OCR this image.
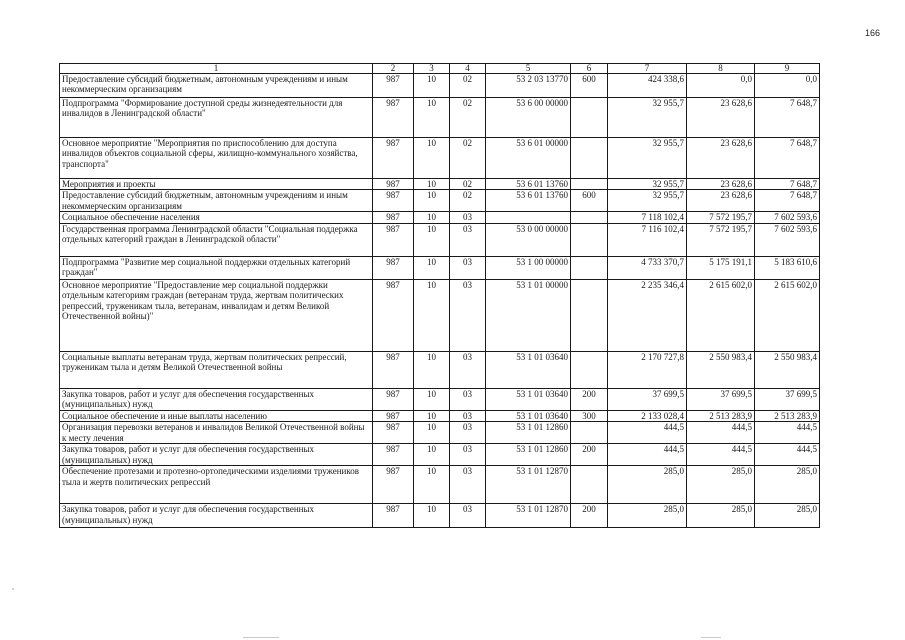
166
1	2	3	4	5	6	7	8	9
Предоставление субсидий бюджетным, автономным учреждениям и иным некоммерческим организациям	987	10	02	53 2 03 13770	600	424 338,6	0,0	0,0
Подпрограмма "Формирование доступной среды жизнедеятельности для инвалидов в Ленинградской области"	987	10	02	53 6 00 00000		32 955,7	23 628,6	7 648,7
Основное мероприятие "Мероприятия по приспособлению для доступа инвалидов объектов социальной сферы, жилищно-коммунального хозяйства, транспорта"	987	10	02	53 6 01 00000		32 955,7	23 628,6	7 648,7
Мероприятия и проекты	987	10	02	53 6 01 13760		32 955,7	23 628,6	7 648,7
Предоставление субсидий бюджетным, автономным учреждениям и иным некоммерческим организациям	987	10	02	53 6 01 13760	600	32 955,7	23 628,6	7 648,7
Социальное обеспечение населения	987	10	03			7 118 102,4	7 572 195,7	7 602 593,6
Государственная программа Ленинградской области "Социальная поддержка отдельных категорий граждан в Ленинградской области"	987	10	03	53 0 00 00000		7 116 102,4	7 572 195,7	7 602 593,6
Подпрограмма "Развитие мер социальной поддержки отдельных категорий граждан"	987	10	03	53 1 00 00000		4 733 370,7	5 175 191,1	5 183 610,6
Основное мероприятие "Предоставление мер социальной поддержки отдельным категориям граждан (ветеранам труда, жертвам политических репрессий, труженикам тыла, ветеранам, инвалидам и детям Великой Отечественной войны)"	987	10	03	53 1 01 00000		2 235 346,4	2 615 602,0	2 615 602,0
Социальные выплаты ветеранам труда, жертвам политических репрессий, труженикам тыла и детям Великой Отечественной войны	987	10	03	53 1 01 03640		2 170 727,8	2 550 983,4	2 550 983,4
Закупка товаров, работ и услуг для обеспечения государственных (муниципальных) нужд	987	10	03	53 1 01 03640	200	37 699,5	37 699,5	37 699,5
Социальное обеспечение и иные выплаты населению	987	10	03	53 1 01 03640	300	2 133 028,4	2 513 283,9	2 513 283,9
Организация перевозки ветеранов и инвалидов Великой Отечественной войны к месту лечения	987	10	03	53 1 01 12860		444,5	444,5	444,5
Закупка товаров, работ и услуг для обеспечения государственных (муниципальных) нужд	987	10	03	53 1 01 12860	200	444,5	444,5	444,5
Обеспечение протезами и протезно-ортопедическими изделиями тружеников тыла и жертв политических репрессий	987	10	03	53 1 01 12870		285,0	285,0	285,0
Закупка товаров, работ и услуг для обеспечения государственных (муниципальных) нужд	987	10	03	53 1 01 12870	200	285,0	285,0	285,0
